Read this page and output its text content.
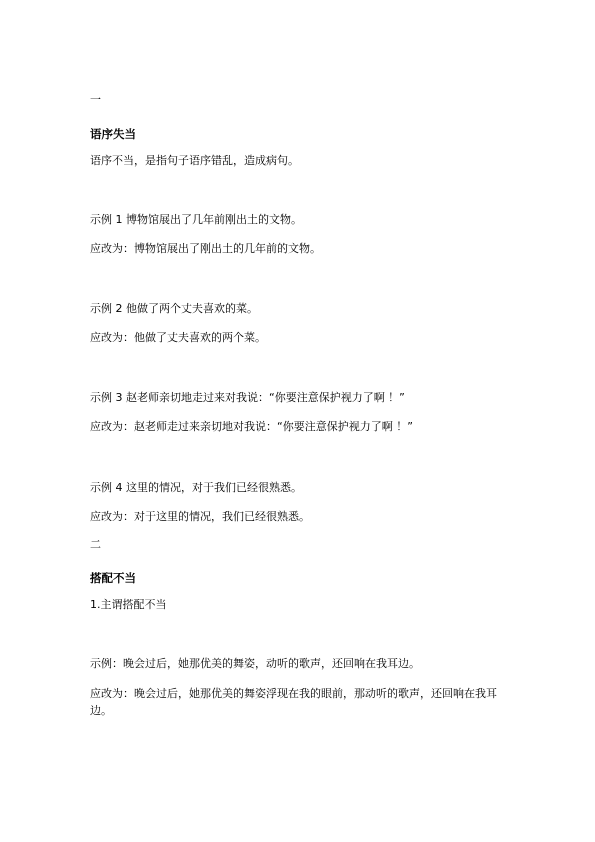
一
语序失当
语序不当，是指句子语序错乱，造成病句。
示例 1 博物馆展出了几年前刚出土的文物。
应改为：博物馆展出了刚出土的几年前的文物。
示例 2 他做了两个丈夫喜欢的菜。
应改为：他做了丈夫喜欢的两个菜。
示例 3 赵老师亲切地走过来对我说：“你要注意保护视力了啊 ！”
应改为：赵老师走过来亲切地对我说：“你要注意保护视力了啊 ！”
示例 4 这里的情况，对于我们已经很熟悉。
应改为：对于这里的情况，我们已经很熟悉。
二
搭配不当
1.主谓搭配不当
示例：晚会过后，她那优美的舞姿，动听的歌声，还回响在我耳边。
应改为：晚会过后，她那优美的舞姿浮现在我的眼前，那动听的歌声，还回响在我耳边。
